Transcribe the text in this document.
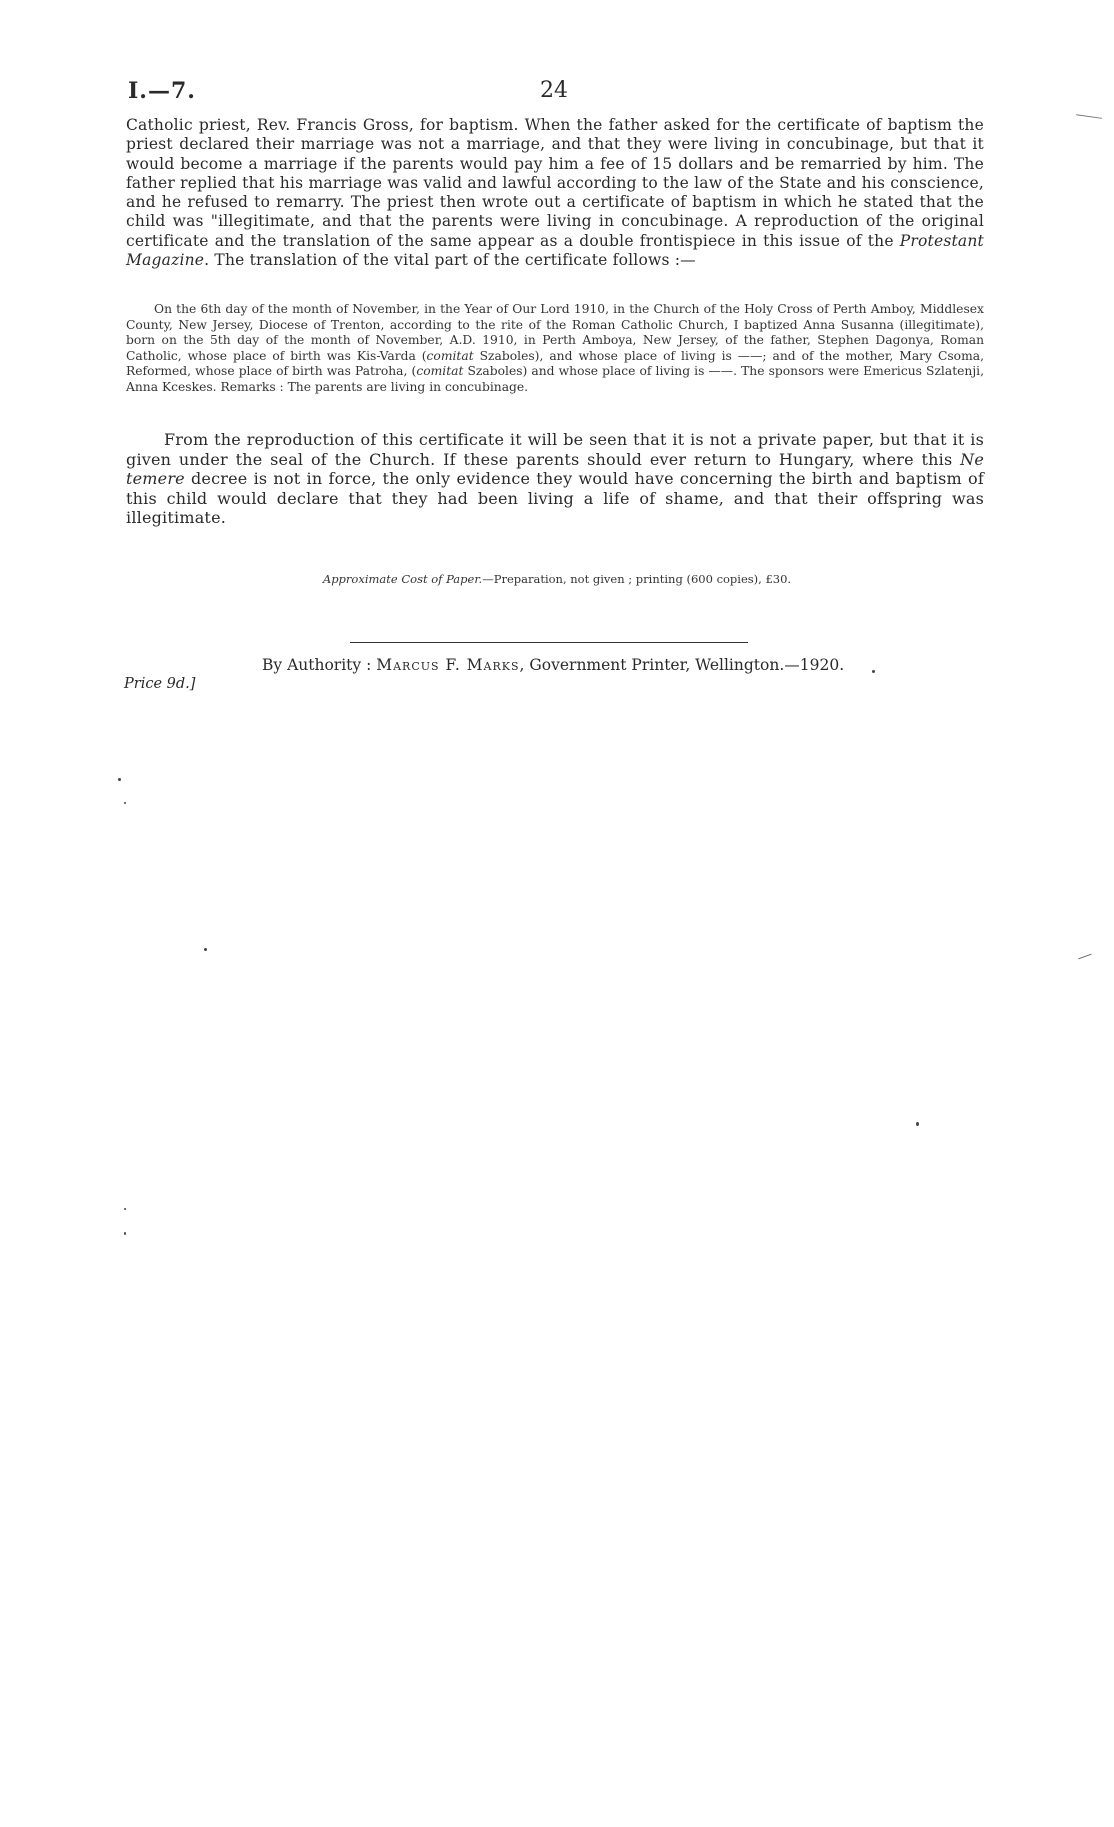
I.—7.	24
Catholic priest, Rev. Francis Gross, for baptism. When the father asked for the certificate of baptism the priest declared their marriage was not a marriage, and that they were living in concubinage, but that it would become a marriage if the parents would pay him a fee of 15 dollars and be remarried by him. The father replied that his marriage was valid and lawful according to the law of the State and his conscience, and he refused to remarry. The priest then wrote out a certificate of baptism in which he stated that the child was "illegitimate, and that the parents were living in concubinage. A reproduction of the original certificate and the translation of the same appear as a double frontispiece in this issue of the Protestant Magazine. The translation of the vital part of the certificate follows :—
On the 6th day of the month of November, in the Year of Our Lord 1910, in the Church of the Holy Cross of Perth Amboy, Middlesex County, New Jersey, Diocese of Trenton, according to the rite of the Roman Catholic Church, I baptized Anna Susanna (illegitimate), born on the 5th day of the month of November, A.D. 1910, in Perth Amboya, New Jersey, of the father, Stephen Dagonya, Roman Catholic, whose place of birth was Kis-Varda (comitat Szaboles), and whose place of living is ——; and of the mother, Mary Csoma, Reformed, whose place of birth was Patroha, (comitat Szaboles) and whose place of living is ——. The sponsors were Emericus Szlatenji, Anna Kceskes. Remarks : The parents are living in concubinage.
From the reproduction of this certificate it will be seen that it is not a private paper, but that it is given under the seal of the Church. If these parents should ever return to Hungary, where this Ne temere decree is not in force, the only evidence they would have concerning the birth and baptism of this child would declare that they had been living a life of shame, and that their offspring was illegitimate.
Approximate Cost of Paper.—Preparation, not given ; printing (600 copies), £30.
By Authority : Marcus F. Marks, Government Printer, Wellington.—1920.
Price 9d.]
